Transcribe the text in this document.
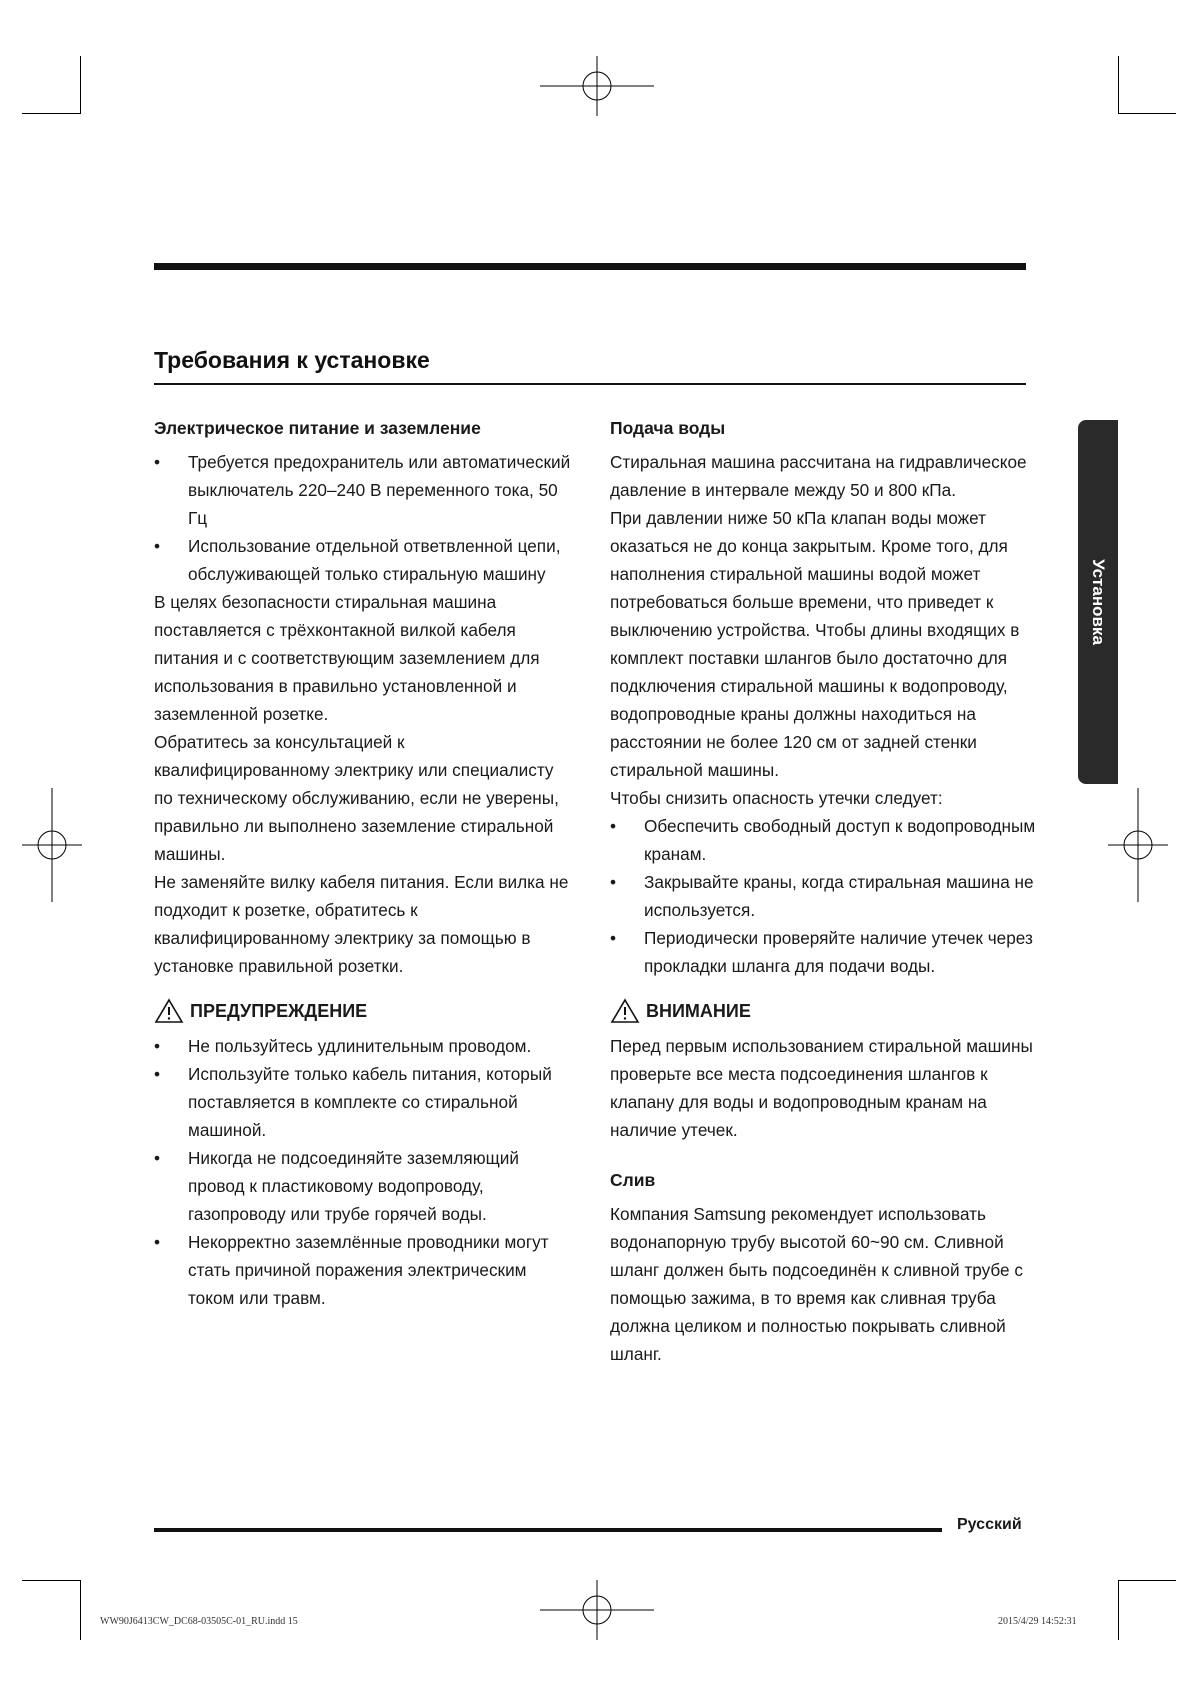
Требования к установке
Установка
Электрическое питание и заземление
• Требуется предохранитель или автоматический выключатель 220–240 В переменного тока, 50 Гц
• Использование отдельной ответвленной цепи, обслуживающей только стиральную машину

В целях безопасности стиральная машина поставляется с трёхконтакной вилкой кабеля питания и с соответствующим заземлением для использования в правильно установленной и заземленной розетке.

Обратитесь за консультацией к квалифицированному электрику или специалисту по техническому обслуживанию, если не уверены, правильно ли выполнено заземление стиральной машины.

Не заменяйте вилку кабеля питания. Если вилка не подходит к розетке, обратитесь к квалифицированному электрику за помощью в установке правильной розетки.

ПРЕДУПРЕЖДЕНИЕ
• Не пользуйтесь удлинительным проводом.
• Используйте только кабель питания, который поставляется в комплекте со стиральной машиной.
• Никогда не подсоединяйте заземляющий провод к пластиковому водопроводу, газопроводу или трубе горячей воды.
• Некорректно заземлённые проводники могут стать причиной поражения электрическим током или травм.
Подача воды

Стиральная машина рассчитана на гидравлическое давление в интервале между 50 и 800 кПа.

При давлении ниже 50 кПа клапан воды может оказаться не до конца закрытым. Кроме того, для наполнения стиральной машины водой может потребоваться больше времени, что приведет к выключению устройства. Чтобы длины входящих в комплект поставки шлангов было достаточно для подключения стиральной машины к водопроводу, водопроводные краны должны находиться на расстоянии не более 120 см от задней стенки стиральной машины.

Чтобы снизить опасность утечки следует:

• Обеспечить свободный доступ к водопроводным кранам.
• Закрывайте краны, когда стиральная машина не используется.
• Периодически проверяйте наличие утечек через прокладки шланга для подачи воды.
ВНИМАНИЕ

Перед первым использованием стиральной машины проверьте все места подсоединения шлангов к клапану для воды и водопроводным кранам на наличие утечек.

Слив

Компания Samsung рекомендует использовать водонапорную трубу высотой 60~90 см. Сливной шланг должен быть подсоединён к сливной трубе с помощью зажима, в то время как сливная труба должна целиком и полностью покрывать сливной шланг.

Русский
WW90J6413CW_DC68-03505C-01_RU.indd 15	2015/4/29 14:52:31
